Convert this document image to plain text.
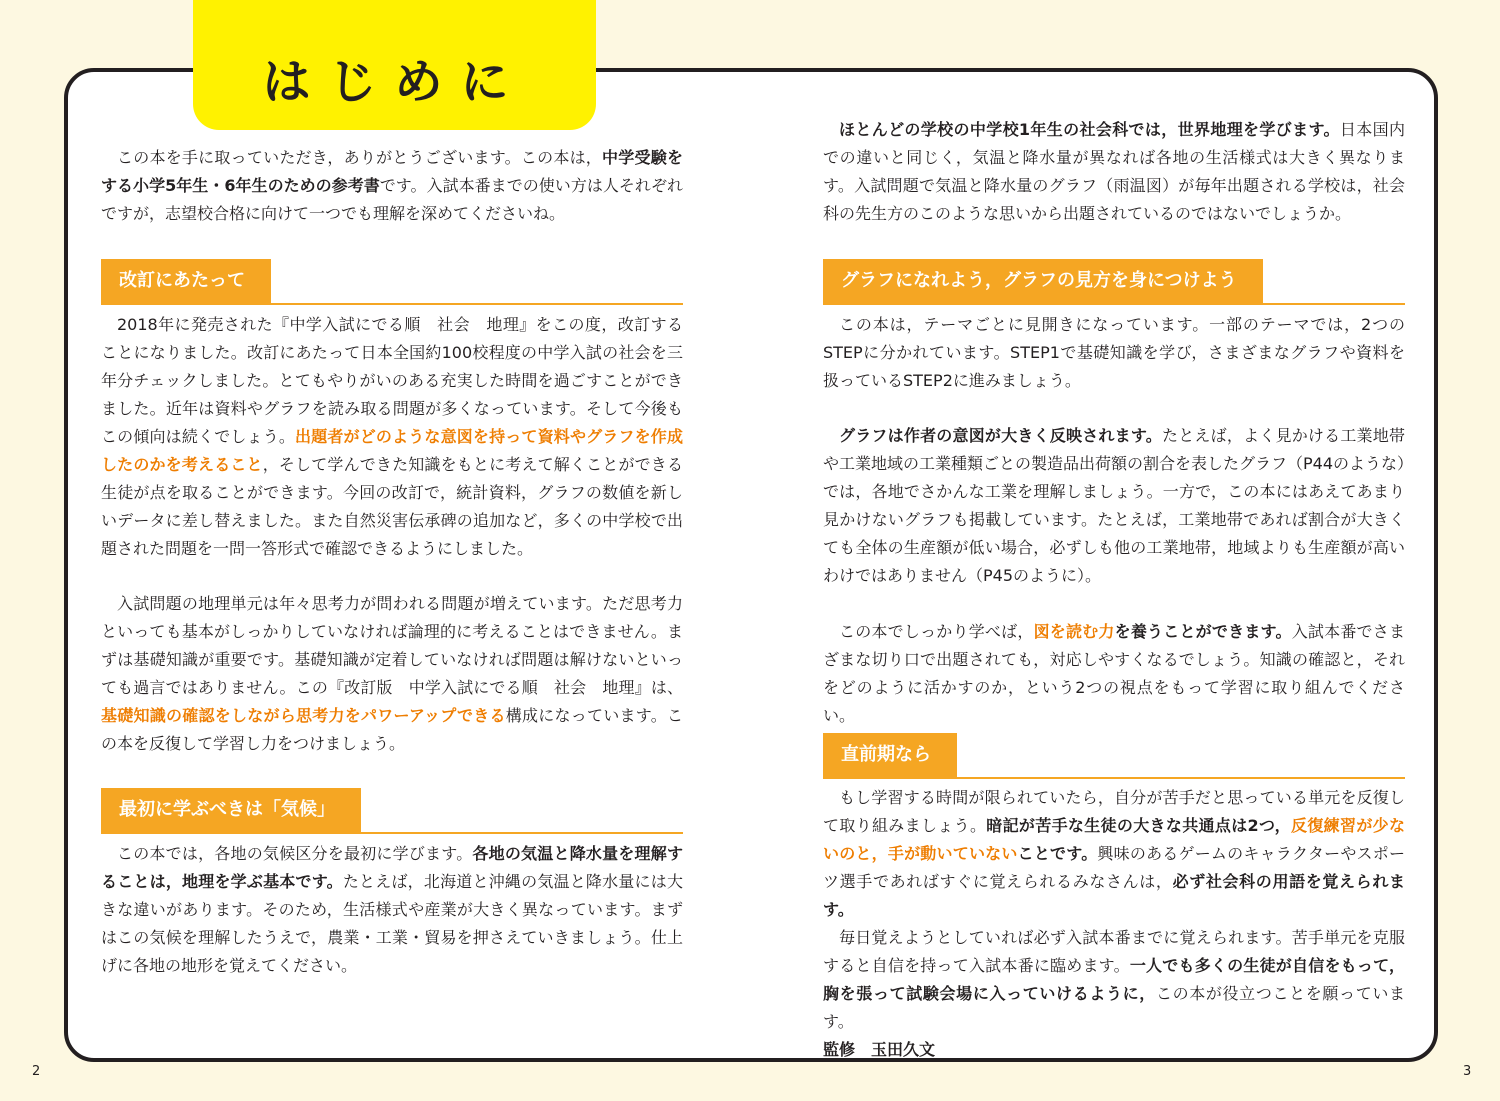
はじめに

この本を手に取っていただき，ありがとうございます。この本は，中学受験をする小学5年生・6年生のための参考書です。入試本番までの使い方は人それぞれですが，志望校合格に向けて一つでも理解を深めてくださいね。

改訂にあたって

2018年に発売された『中学入試にでる順　社会　地理』をこの度，改訂することになりました。改訂にあたって日本全国約100校程度の中学入試の社会を三年分チェックしました。とてもやりがいのある充実した時間を過ごすことができました。近年は資料やグラフを読み取る問題が多くなっています。そして今後もこの傾向は続くでしょう。出題者がどのような意図を持って資料やグラフを作成したのかを考えること，そして学んできた知識をもとに考えて解くことができる生徒が点を取ることができます。今回の改訂で，統計資料，グラフの数値を新しいデータに差し替えました。また自然災害伝承碑の追加など，多くの中学校で出題された問題を一問一答形式で確認できるようにしました。

入試問題の地理単元は年々思考力が問われる問題が増えています。ただ思考力といっても基本がしっかりしていなければ論理的に考えることはできません。まずは基礎知識が重要です。基礎知識が定着していなければ問題は解けないといっても過言ではありません。この『改訂版　中学入試にでる順　社会　地理』は、基礎知識の確認をしながら思考力をパワーアップできる構成になっています。この本を反復して学習し力をつけましょう。

最初に学ぶべきは「気候」

この本では，各地の気候区分を最初に学びます。各地の気温と降水量を理解することは，地理を学ぶ基本です。たとえば，北海道と沖縄の気温と降水量には大きな違いがあります。そのため，生活様式や産業が大きく異なっています。まずはこの気候を理解したうえで，農業・工業・貿易を押さえていきましょう。仕上げに各地の地形を覚えてください。

ほとんどの学校の中学校1年生の社会科では，世界地理を学びます。日本国内での違いと同じく，気温と降水量が異なれば各地の生活様式は大きく異なります。入試問題で気温と降水量のグラフ（雨温図）が毎年出題される学校は，社会科の先生方のこのような思いから出題されているのではないでしょうか。

グラフになれよう，グラフの見方を身につけよう

この本は，テーマごとに見開きになっています。一部のテーマでは，2つのSTEPに分かれています。STEP1で基礎知識を学び，さまざまなグラフや資料を扱っているSTEP2に進みましょう。

グラフは作者の意図が大きく反映されます。たとえば，よく見かける工業地帯や工業地域の工業種類ごとの製造品出荷額の割合を表したグラフ（P44のような）では，各地でさかんな工業を理解しましょう。一方で，この本にはあえてあまり見かけないグラフも掲載しています。たとえば，工業地帯であれば割合が大きくても全体の生産額が低い場合，必ずしも他の工業地帯，地域よりも生産額が高いわけではありません（P45のように）。

この本でしっかり学べば，図を読む力を養うことができます。入試本番でさまざまな切り口で出題されても，対応しやすくなるでしょう。知識の確認と，それをどのように活かすのか，という2つの視点をもって学習に取り組んでください。

直前期なら

もし学習する時間が限られていたら，自分が苦手だと思っている単元を反復して取り組みましょう。暗記が苦手な生徒の大きな共通点は2つ，反復練習が少ないのと，手が動いていないことです。興味のあるゲームのキャラクターやスポーツ選手であればすぐに覚えられるみなさんは，必ず社会科の用語を覚えられます。

毎日覚えようとしていれば必ず入試本番までに覚えられます。苦手単元を克服すると自信を持って入試本番に臨めます。一人でも多くの生徒が自信をもって，胸を張って試験会場に入っていけるように，この本が役立つことを願っています。

監修　玉田久文

2	3
